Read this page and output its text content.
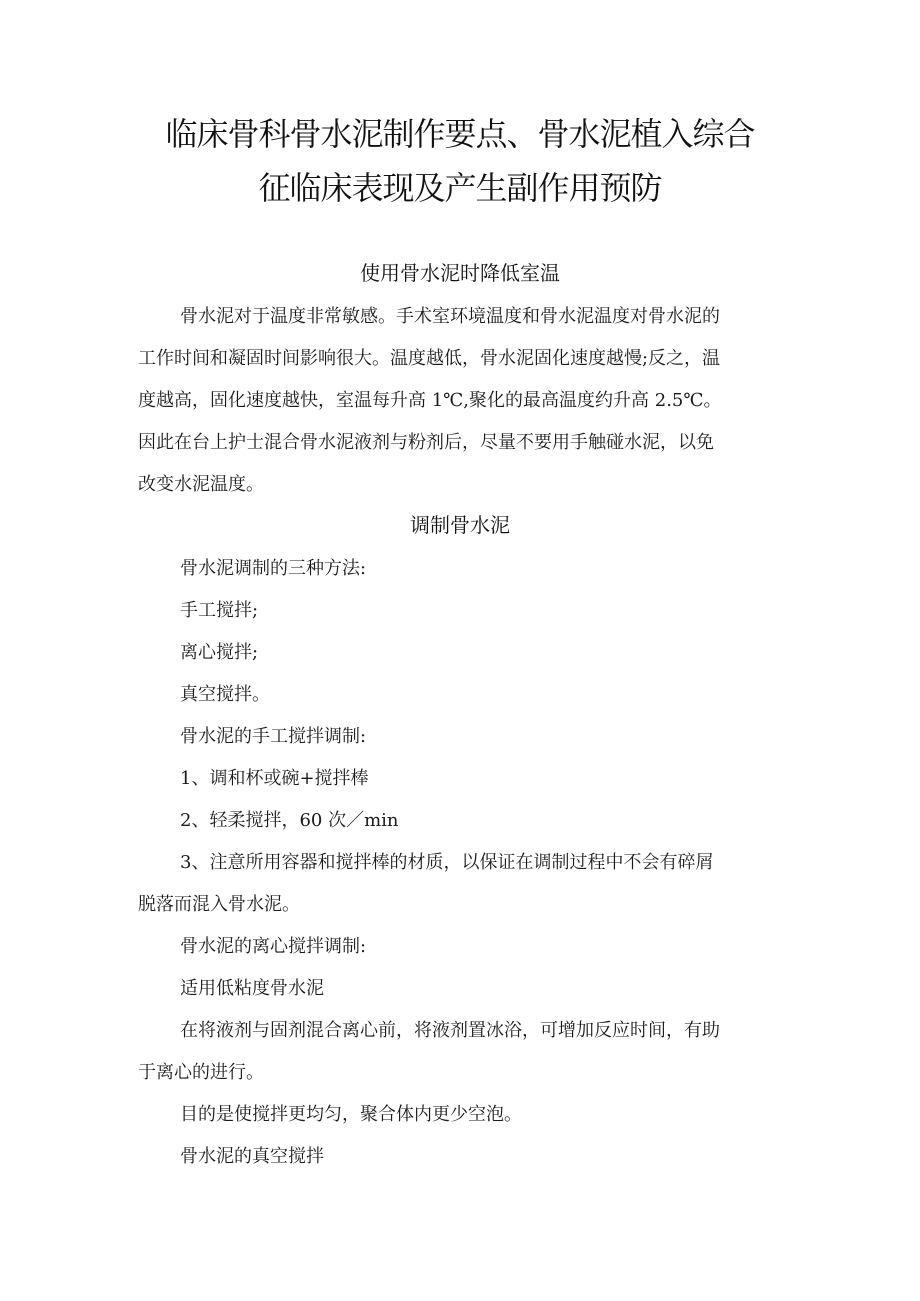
临床骨科骨水泥制作要点、骨水泥植入综合
征临床表现及产生副作用预防
使用骨水泥时降低室温
骨水泥对于温度非常敏感。手术室环境温度和骨水泥温度对骨水泥的
工作时间和凝固时间影响很大。温度越低，骨水泥固化速度越慢;反之，温
度越高，固化速度越快，室温每升高 1℃,聚化的最高温度约升高 2.5℃。
因此在台上护士混合骨水泥液剂与粉剂后，尽量不要用手触碰水泥，以免
改变水泥温度。
调制骨水泥
骨水泥调制的三种方法:
手工搅拌;
离心搅拌;
真空搅拌。
骨水泥的手工搅拌调制:
1、调和杯或碗+搅拌棒
2、轻柔搅拌，60 次／min
3、注意所用容器和搅拌棒的材质，以保证在调制过程中不会有碎屑
脱落而混入骨水泥。
骨水泥的离心搅拌调制:
适用低粘度骨水泥
在将液剂与固剂混合离心前，将液剂置冰浴，可增加反应时间，有助
于离心的进行。
目的是使搅拌更均匀，聚合体内更少空泡。
骨水泥的真空搅拌
